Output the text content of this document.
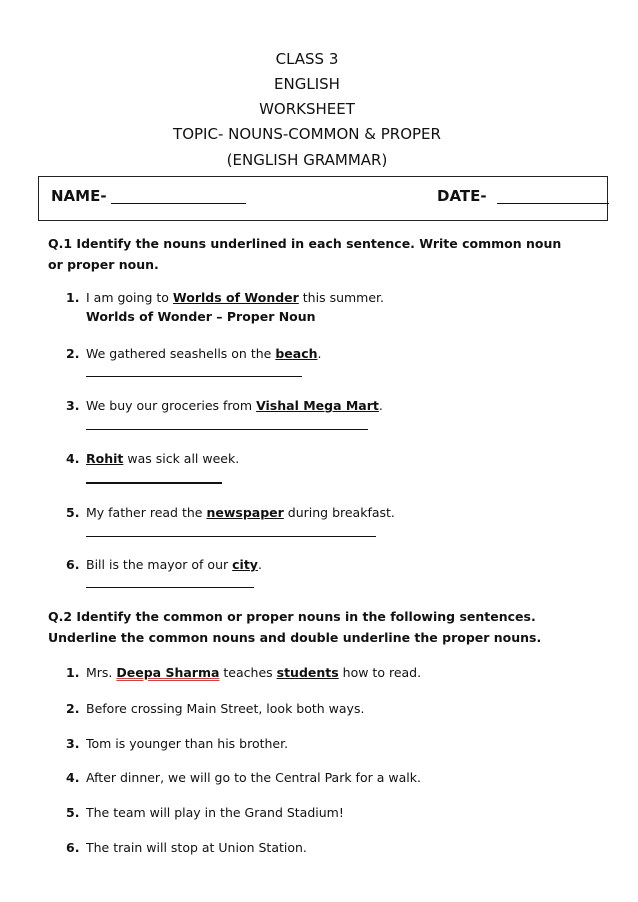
CLASS 3
ENGLISH
WORKSHEET
TOPIC- NOUNS-COMMON & PROPER
(ENGLISH GRAMMAR)
NAME-	DATE-
Q.1 Identify the nouns underlined in each sentence. Write common noun or proper noun.
1. I am going to Worlds of Wonder this summer.
Worlds of Wonder – Proper Noun
2. We gathered seashells on the beach.
3. We buy our groceries from Vishal Mega Mart.
4. Rohit was sick all week.
5. My father read the newspaper during breakfast.
6. Bill is the mayor of our city.
Q.2 Identify the common or proper nouns in the following sentences. Underline the common nouns and double underline the proper nouns.
1. Mrs. Deepa Sharma teaches students how to read.
2. Before crossing Main Street, look both ways.
3. Tom is younger than his brother.
4. After dinner, we will go to the Central Park for a walk.
5. The team will play in the Grand Stadium!
6. The train will stop at Union Station.
